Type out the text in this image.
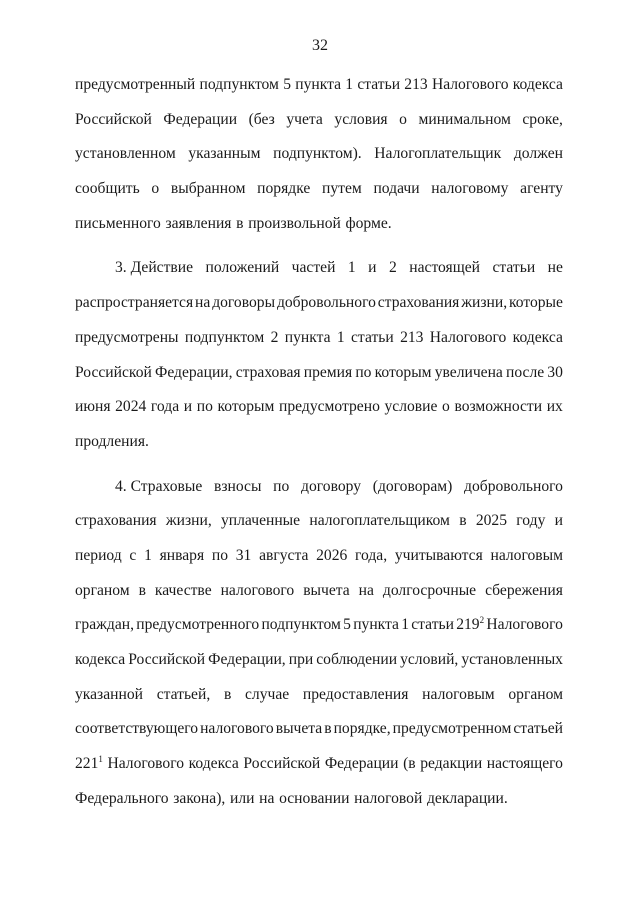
32
предусмотренный подпунктом 5 пункта 1 статьи 213 Налогового кодекса
Российской Федерации (без учета условия о минимальном сроке,
установленном указанным подпунктом). Налогоплательщик должен
сообщить о выбранном порядке путем подачи налоговому агенту
письменного заявления в произвольной форме.
3. Действие положений частей 1 и 2 настоящей статьи не
распространяется на договоры добровольного страхования жизни, которые
предусмотрены подпунктом 2 пункта 1 статьи 213 Налогового кодекса
Российской Федерации, страховая премия по которым увеличена после 30
июня 2024 года и по которым предусмотрено условие о возможности их
продления.
4. Страховые взносы по договору (договорам) добровольного
страхования жизни, уплаченные налогоплательщиком в 2025 году и
период с 1 января по 31 августа 2026 года, учитываются налоговым
органом в качестве налогового вычета на долгосрочные сбережения
граждан, предусмотренного подпунктом 5 пункта 1 статьи $219^2$ Налогового
кодекса Российской Федерации, при соблюдении условий, установленных
указанной статьей, в случае предоставления налоговым органом
соответствующего налогового вычета в порядке, предусмотренном статьей
$221^1$ Налогового кодекса Российской Федерации (в редакции настоящего
Федерального закона), или на основании налоговой декларации.
